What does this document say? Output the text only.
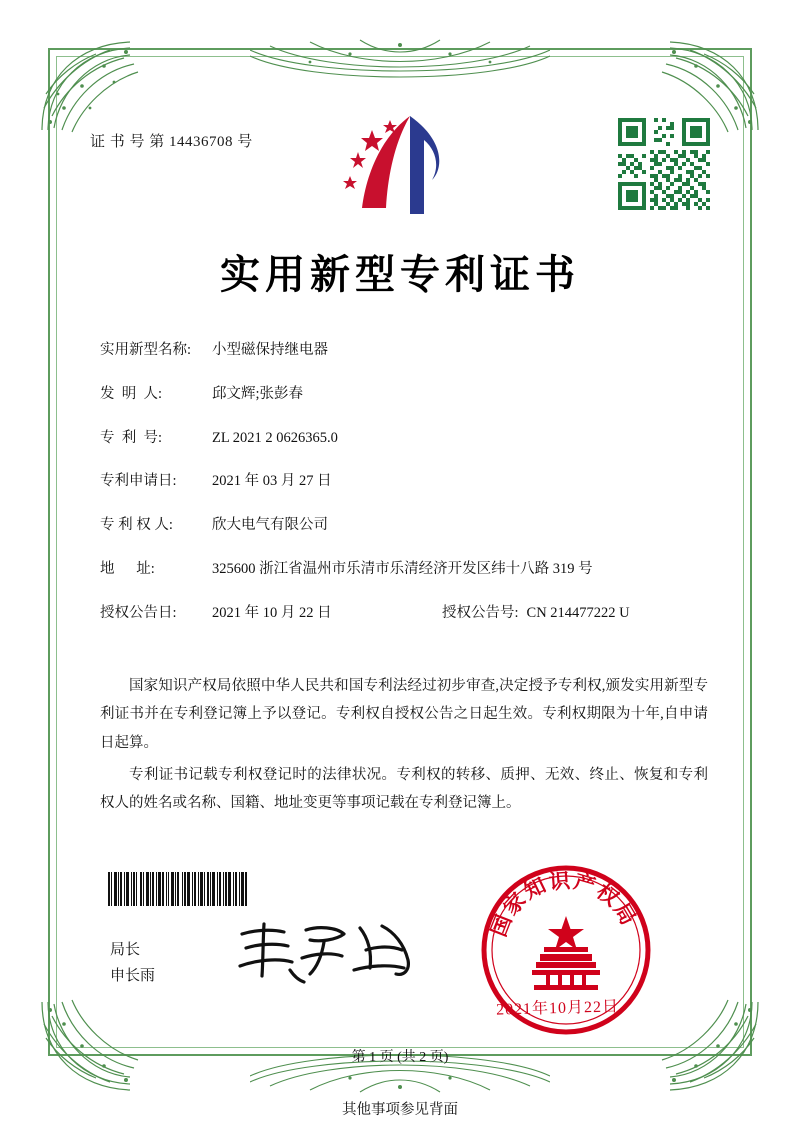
证 书 号 第 14436708 号
实用新型专利证书
实用新型名称:	小型磁保持继电器
发  明  人:	邱文辉;张彭春
专  利  号:	ZL 2021 2 0626365.0
专利申请日:	2021 年 03 月 27 日
专 利 权 人:	欣大电气有限公司
地      址:	325600 浙江省温州市乐清市乐清经济开发区纬十八路 319 号
授权公告日:	2021 年 10 月 22 日	授权公告号: CN 214477222 U

国家知识产权局依照中华人民共和国专利法经过初步审查,决定授予专利权,颁发实用新型专利证书并在专利登记簿上予以登记。专利权自授权公告之日起生效。专利权期限为十年,自申请日起算。

专利证书记载专利权登记时的法律状况。专利权的转移、质押、无效、终止、恢复和专利权人的姓名或名称、国籍、地址变更等事项记载在专利登记簿上。

局长
申长雨
国家知识产权局
2021年10月22日
第 1 页 (共 2 页)
其他事项参见背面
